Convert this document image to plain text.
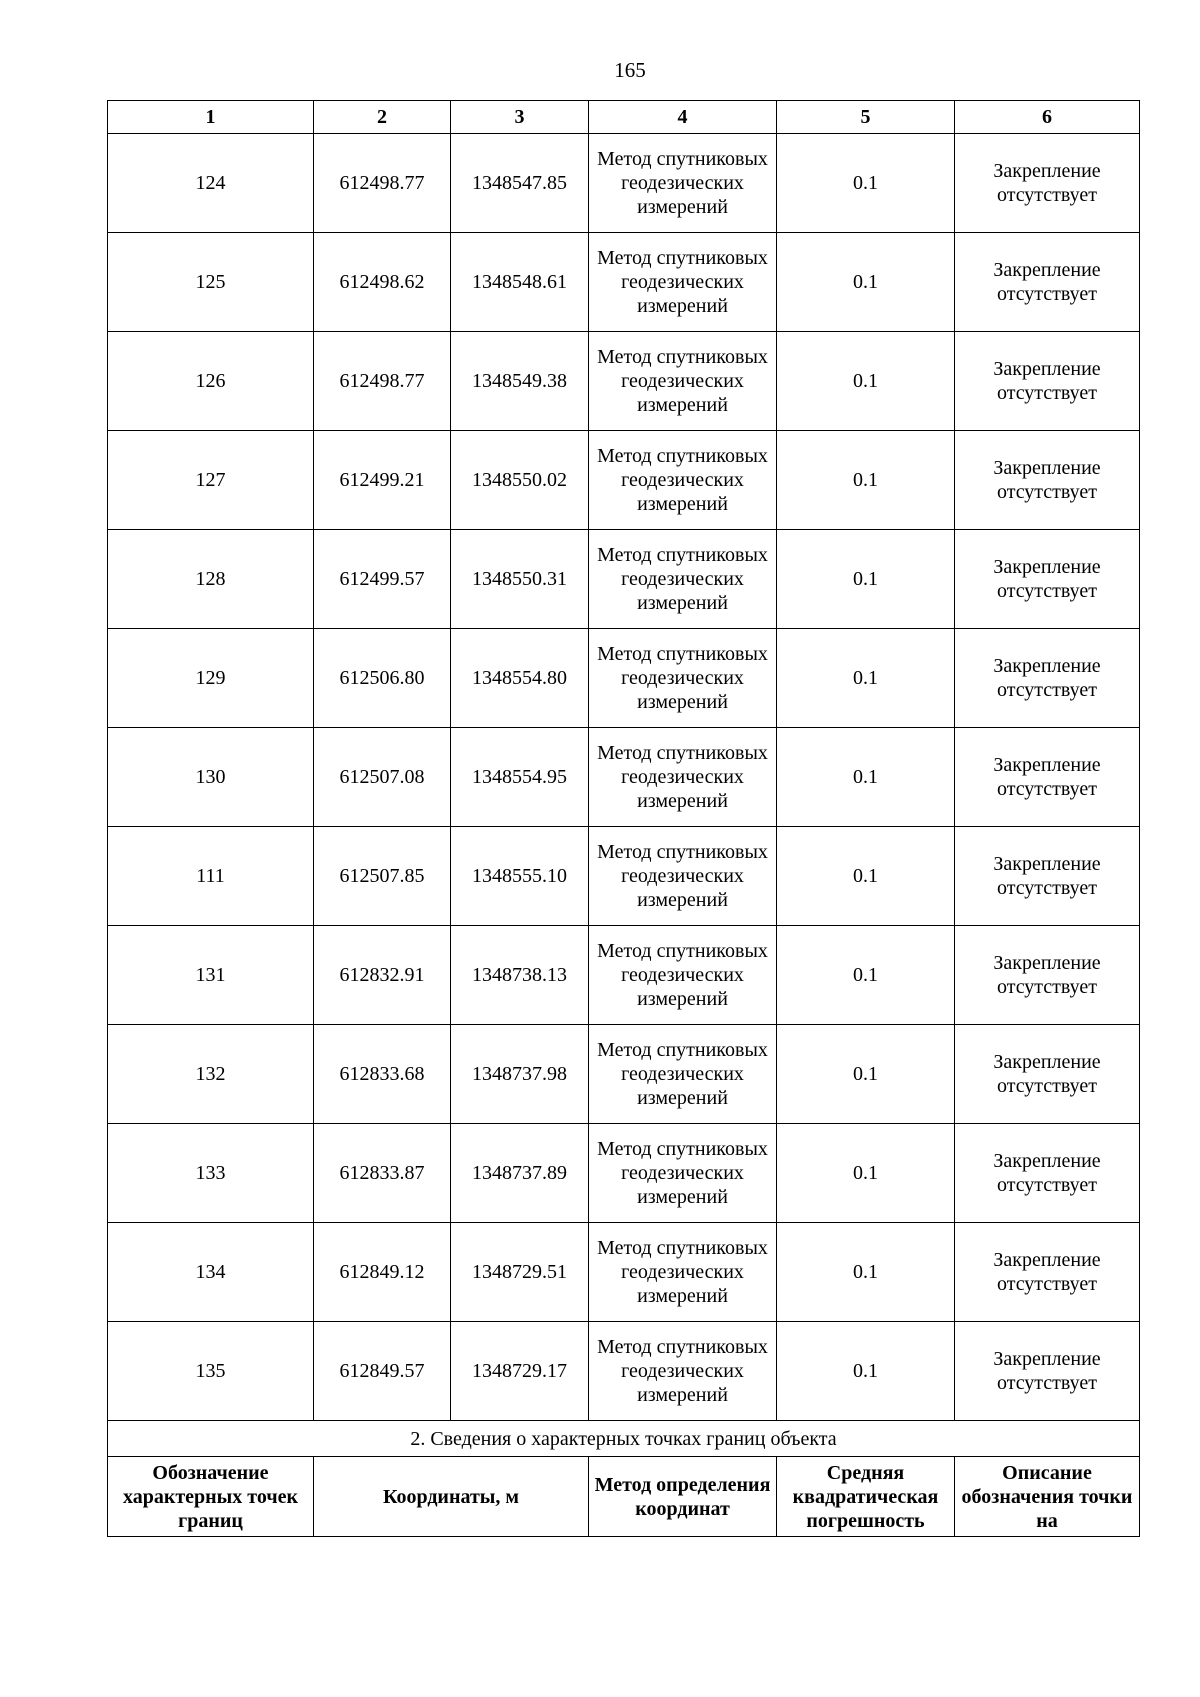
165
1	2	3	4	5	6
124	612498.77	1348547.85	Метод спутниковых геодезических измерений	0.1	Закрепление отсутствует
125	612498.62	1348548.61	Метод спутниковых геодезических измерений	0.1	Закрепление отсутствует
126	612498.77	1348549.38	Метод спутниковых геодезических измерений	0.1	Закрепление отсутствует
127	612499.21	1348550.02	Метод спутниковых геодезических измерений	0.1	Закрепление отсутствует
128	612499.57	1348550.31	Метод спутниковых геодезических измерений	0.1	Закрепление отсутствует
129	612506.80	1348554.80	Метод спутниковых геодезических измерений	0.1	Закрепление отсутствует
130	612507.08	1348554.95	Метод спутниковых геодезических измерений	0.1	Закрепление отсутствует
111	612507.85	1348555.10	Метод спутниковых геодезических измерений	0.1	Закрепление отсутствует
131	612832.91	1348738.13	Метод спутниковых геодезических измерений	0.1	Закрепление отсутствует
132	612833.68	1348737.98	Метод спутниковых геодезических измерений	0.1	Закрепление отсутствует
133	612833.87	1348737.89	Метод спутниковых геодезических измерений	0.1	Закрепление отсутствует
134	612849.12	1348729.51	Метод спутниковых геодезических измерений	0.1	Закрепление отсутствует
135	612849.57	1348729.17	Метод спутниковых геодезических измерений	0.1	Закрепление отсутствует
2. Сведения о характерных точках границ объекта					
Обозначение характерных точек границ	Координаты, м		Метод определения координат	Средняя квадратическая погрешность	Описание обозначения точки на
